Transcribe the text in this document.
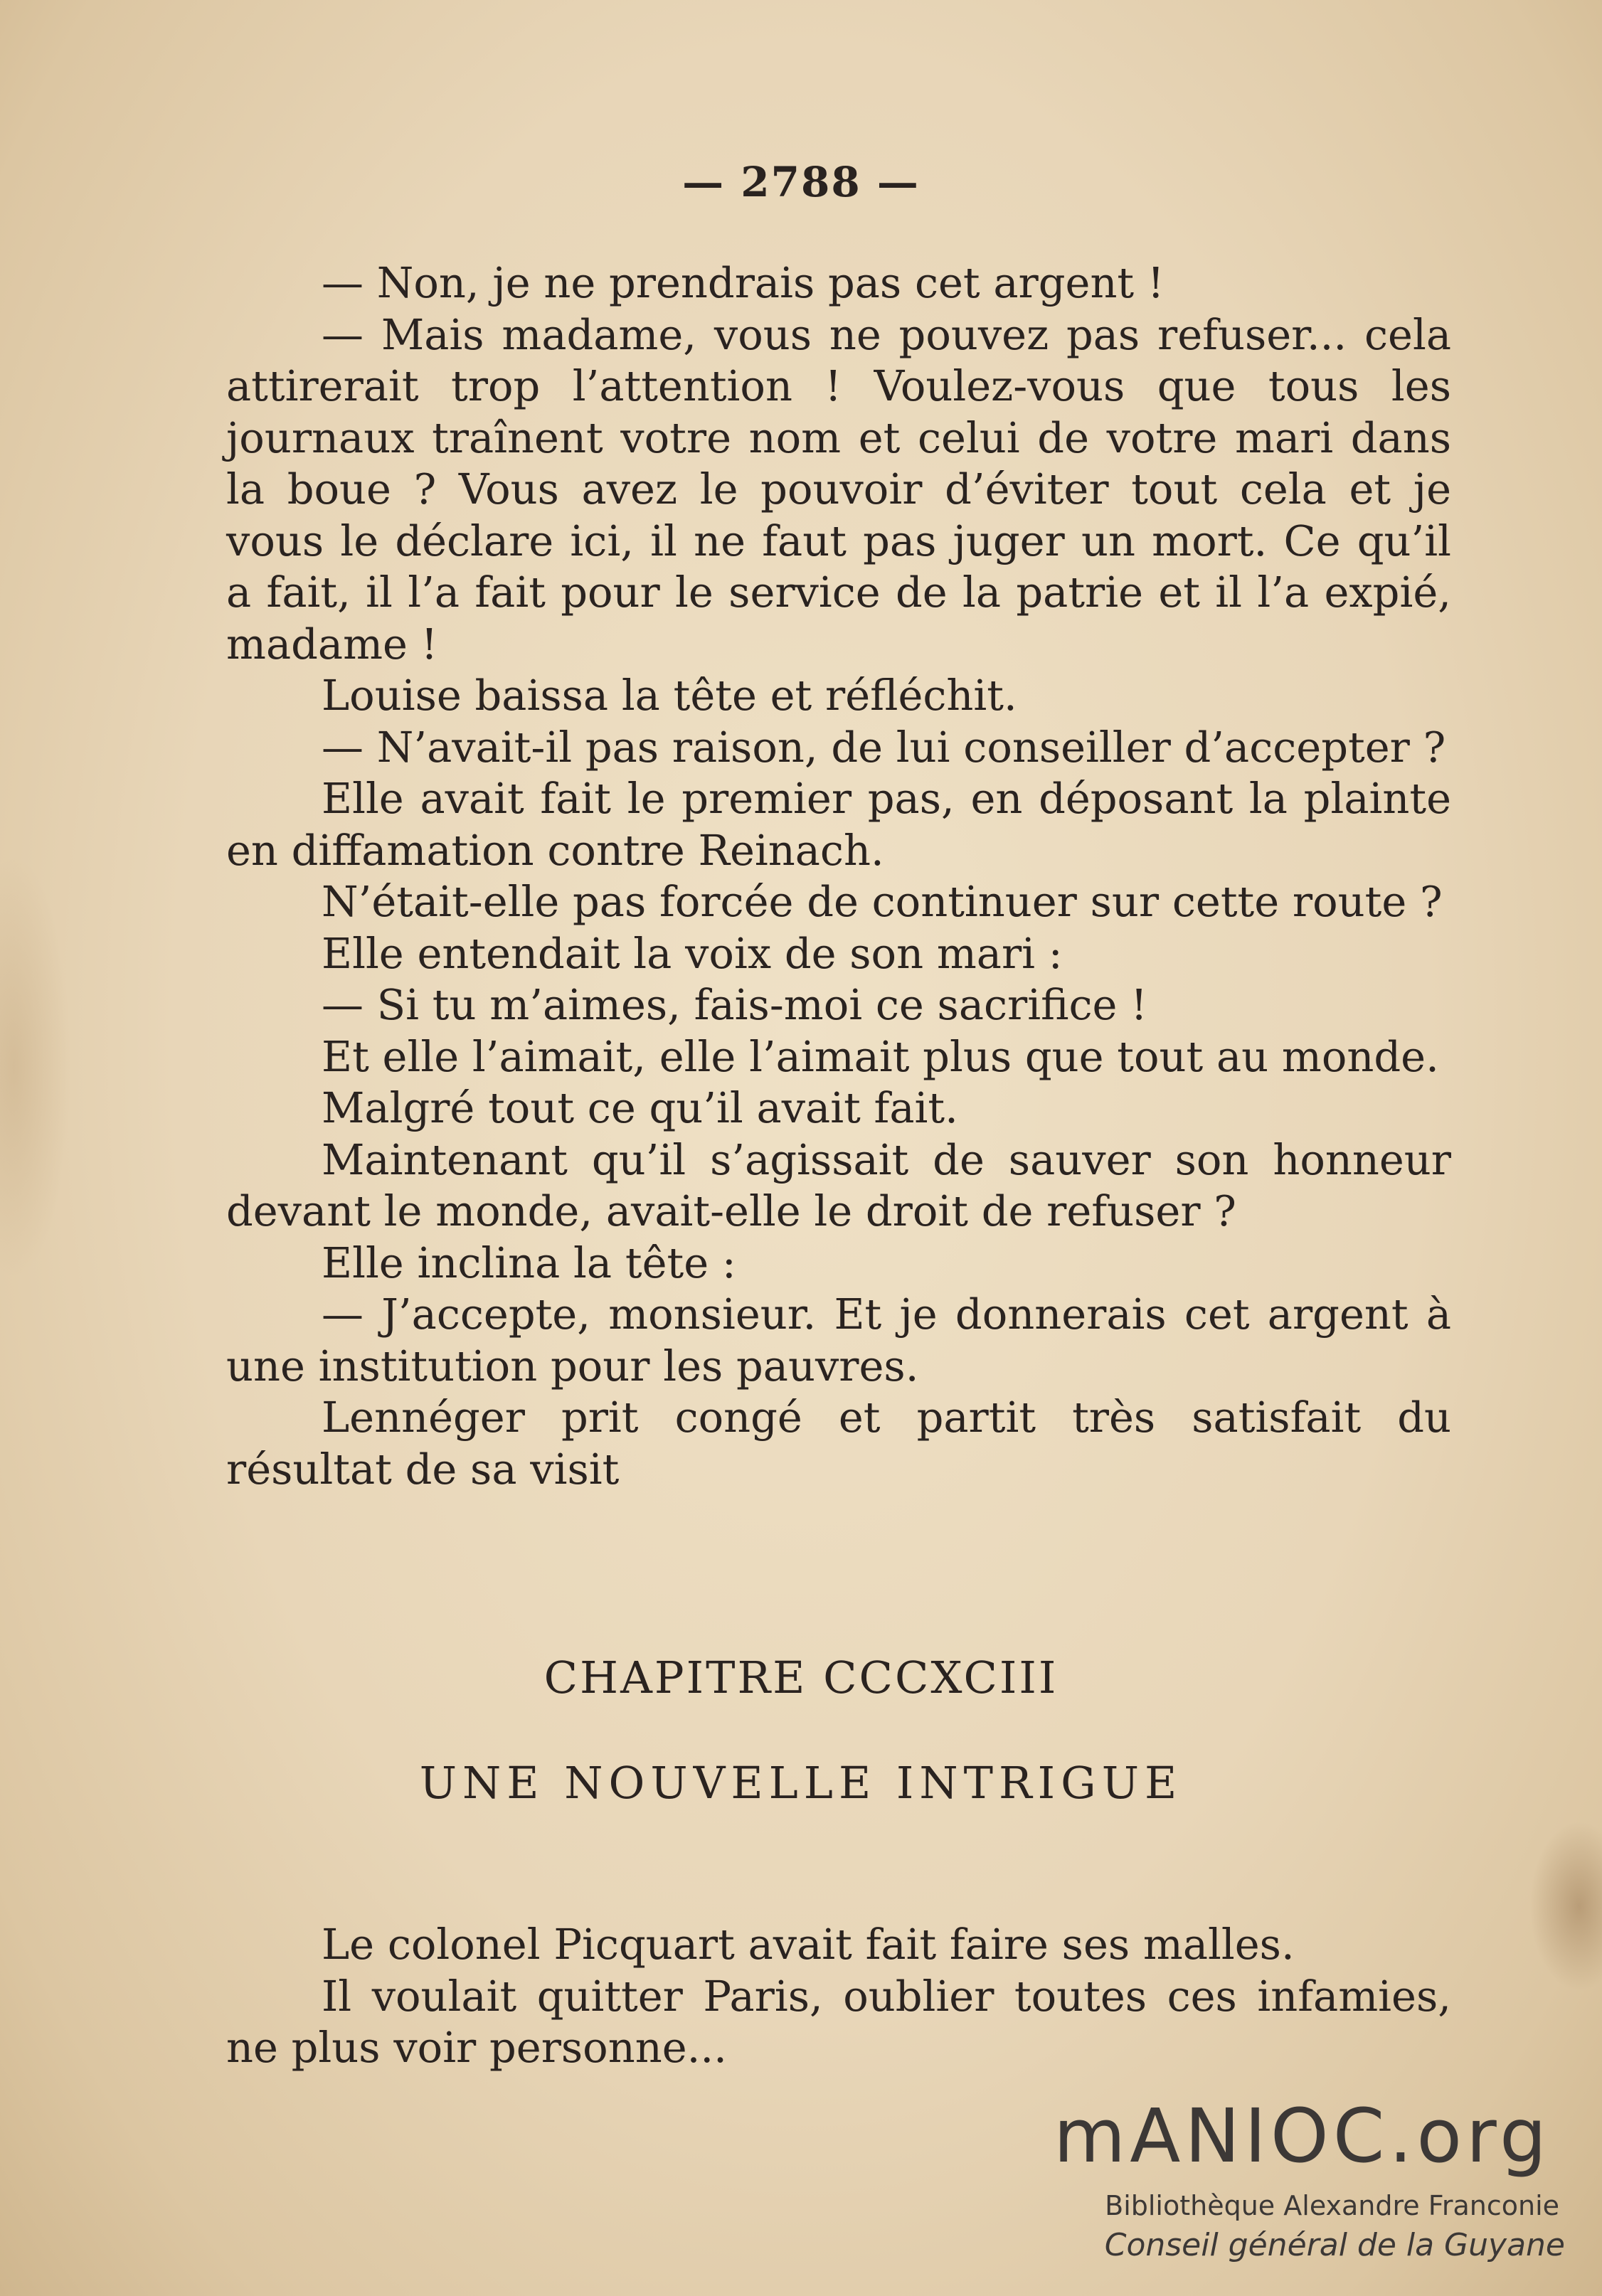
— 2788 —

— Non, je ne prendrais pas cet argent !

— Mais madame, vous ne pouvez pas refuser... cela attirerait trop l’attention ! Voulez-vous que tous les journaux traînent votre nom et celui de votre mari dans la boue ? Vous avez le pouvoir d’éviter tout cela et je vous le déclare ici, il ne faut pas juger un mort. Ce qu’il a fait, il l’a fait pour le service de la patrie et il l’a expié, madame !

Louise baissa la tête et réfléchit.

— N’avait-il pas raison, de lui conseiller d’accepter ?

Elle avait fait le premier pas, en déposant la plainte en diffamation contre Reinach.

N’était-elle pas forcée de continuer sur cette route ?

Elle entendait la voix de son mari :

— Si tu m’aimes, fais-moi ce sacrifice !

Et elle l’aimait, elle l’aimait plus que tout au monde.

Malgré tout ce qu’il avait fait.

Maintenant qu’il s’agissait de sauver son honneur devant le monde, avait-elle le droit de refuser ?

Elle inclina la tête :

— J’accepte, monsieur. Et je donnerais cet argent à une institution pour les pauvres.

Lennéger prit congé et partit très satisfait du résultat de sa visit

CHAPITRE CCCXCIII
UNE NOUVELLE INTRIGUE

Le colonel Picquart avait fait faire ses malles.

Il voulait quitter Paris, oublier toutes ces infamies, ne plus voir personne...

mANIOC.org
Bibliothèque Alexandre Franconie
Conseil général de la Guyane
